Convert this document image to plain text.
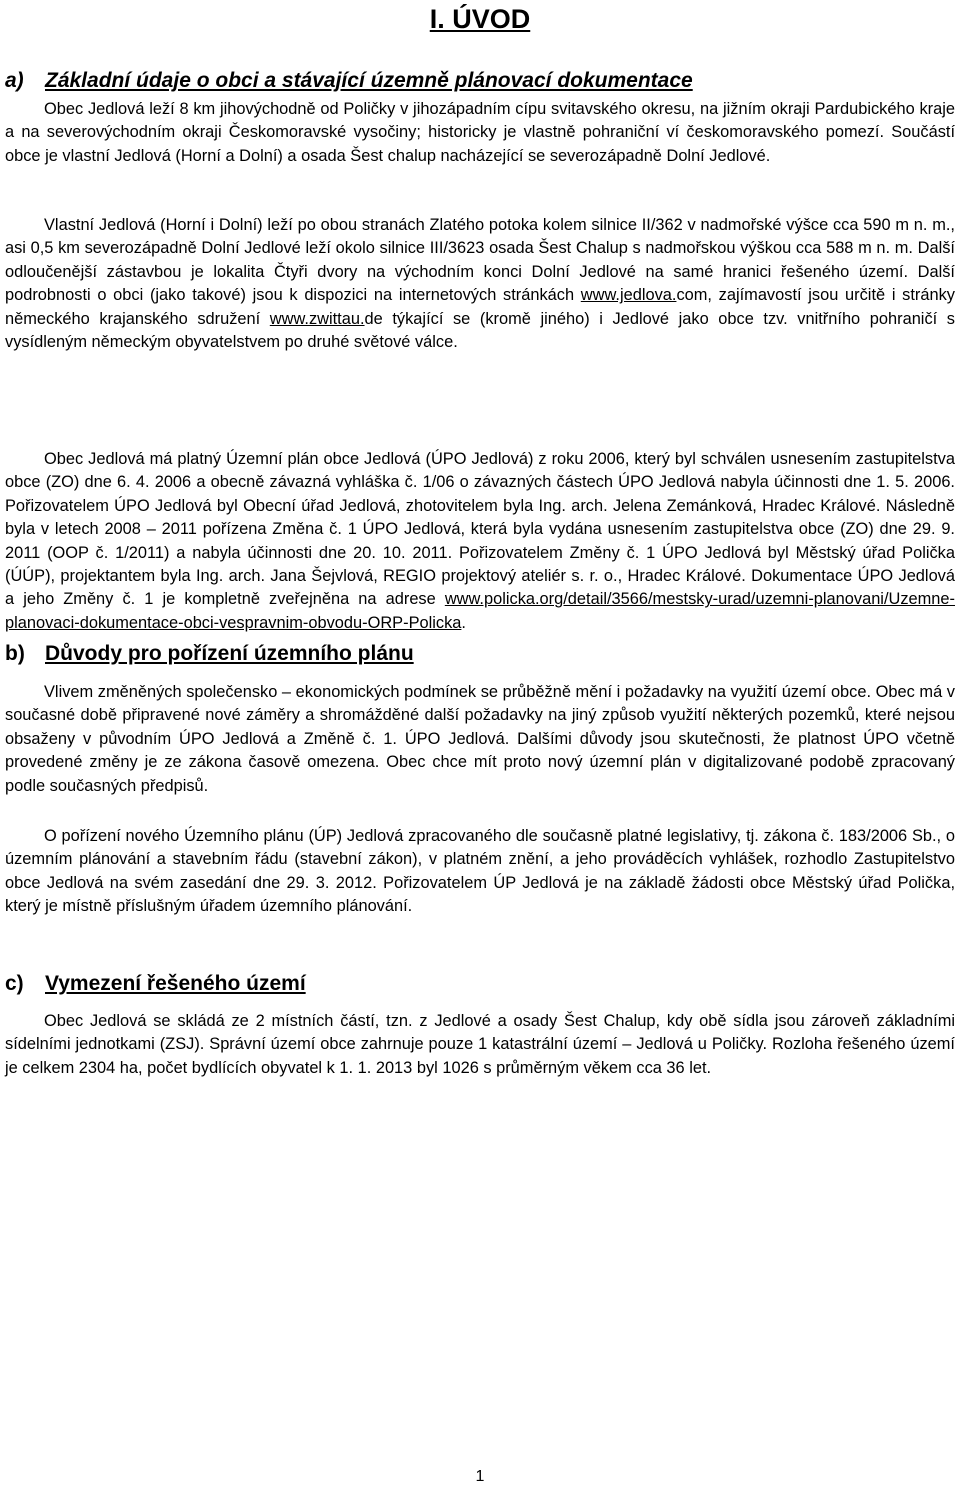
I. ÚVOD
a) Základní údaje o obci a stávající územně plánovací dokumentace

Obec Jedlová leží 8 km jihovýchodně od Poličky v jihozápadním cípu svitavského okresu, na jižním okraji Pardubického kraje a na severovýchodním okraji Českomoravské vysočiny; historicky je vlastně pohraniční ví českomoravského pomezí. Součástí obce je vlastní Jedlová (Horní a Dolní) a osada Šest chalup nacházející se severozápadně Dolní Jedlové.

Vlastní Jedlová (Horní i Dolní) leží po obou stranách Zlatého potoka kolem silnice II/362 v nadmořské výšce cca 590 m n. m., asi 0,5 km severozápadně Dolní Jedlové leží okolo silnice III/3623 osada Šest Chalup s nadmořskou výškou cca 588 m n. m. Další odloučenější zástavbou je lokalita Čtyři dvory na východním konci Dolní Jedlové na samé hranici řešeného území. Další podrobnosti o obci (jako takové) jsou k dispozici na internetových stránkách www.jedlova.com, zajímavostí jsou určitě i stránky německého krajanského sdružení www.zwittau.de týkající se (kromě jiného) i Jedlové jako obce tzv. vnitřního pohraničí s vysídleným německým obyvatelstvem po druhé světové válce.

Obec Jedlová má platný Územní plán obce Jedlová (ÚPO Jedlová) z roku 2006, který byl schválen usnesením zastupitelstva obce (ZO) dne 6. 4. 2006 a obecně závazná vyhláška č. 1/06 o závazných částech ÚPO Jedlová nabyla účinnosti dne 1. 5. 2006. Pořizovatelem ÚPO Jedlová byl Obecní úřad Jedlová, zhotovitelem byla Ing. arch. Jelena Zemánková, Hradec Králové. Následně byla v letech 2008 – 2011 pořízena Změna č. 1 ÚPO Jedlová, která byla vydána usnesením zastupitelstva obce (ZO) dne 29. 9. 2011 (OOP č. 1/2011) a nabyla účinnosti dne 20. 10. 2011. Pořizovatelem Změny č. 1 ÚPO Jedlová byl Městský úřad Polička (ÚÚP), projektantem byla Ing. arch. Jana Šejvlová, REGIO projektový ateliér s. r. o., Hradec Králové. Dokumentace ÚPO Jedlová a jeho Změny č. 1 je kompletně zveřejněna na adrese www.policka.org/detail/3566/mestsky-urad/uzemni-planovani/Uzemne-planovaci-dokumentace-obci-vespravnim-obvodu-ORP-Policka.

b) Důvody pro pořízení územního plánu

Vlivem změněných společensko – ekonomických podmínek se průběžně mění i požadavky na využití území obce. Obec má v současné době připravené nové záměry a shromážděné další požadavky na jiný způsob využití některých pozemků, které nejsou obsaženy v původním ÚPO Jedlová a Změně č. 1. ÚPO Jedlová. Dalšími důvody jsou skutečnosti, že platnost ÚPO včetně provedené změny je ze zákona časově omezena. Obec chce mít proto nový územní plán v digitalizované podobě zpracovaný podle současných předpisů.

O pořízení nového Územního plánu (ÚP) Jedlová zpracovaného dle současně platné legislativy, tj. zákona č. 183/2006 Sb., o územním plánování a stavebním řádu (stavební zákon), v platném znění, a jeho prováděcích vyhlášek, rozhodlo Zastupitelstvo obce Jedlová na svém zasedání dne 29. 3. 2012. Pořizovatelem ÚP Jedlová je na základě žádosti obce Městský úřad Polička, který je místně příslušným úřadem územního plánování.

c) Vymezení řešeného území

Obec Jedlová se skládá ze 2 místních částí, tzn. z Jedlové a osady Šest Chalup, kdy obě sídla jsou zároveň základními sídelními jednotkami (ZSJ). Správní území obce zahrnuje pouze 1 katastrální území – Jedlová u Poličky. Rozloha řešeného území je celkem 2304 ha, počet bydlících obyvatel k 1. 1. 2013 byl 1026 s průměrným věkem cca 36 let.

1
